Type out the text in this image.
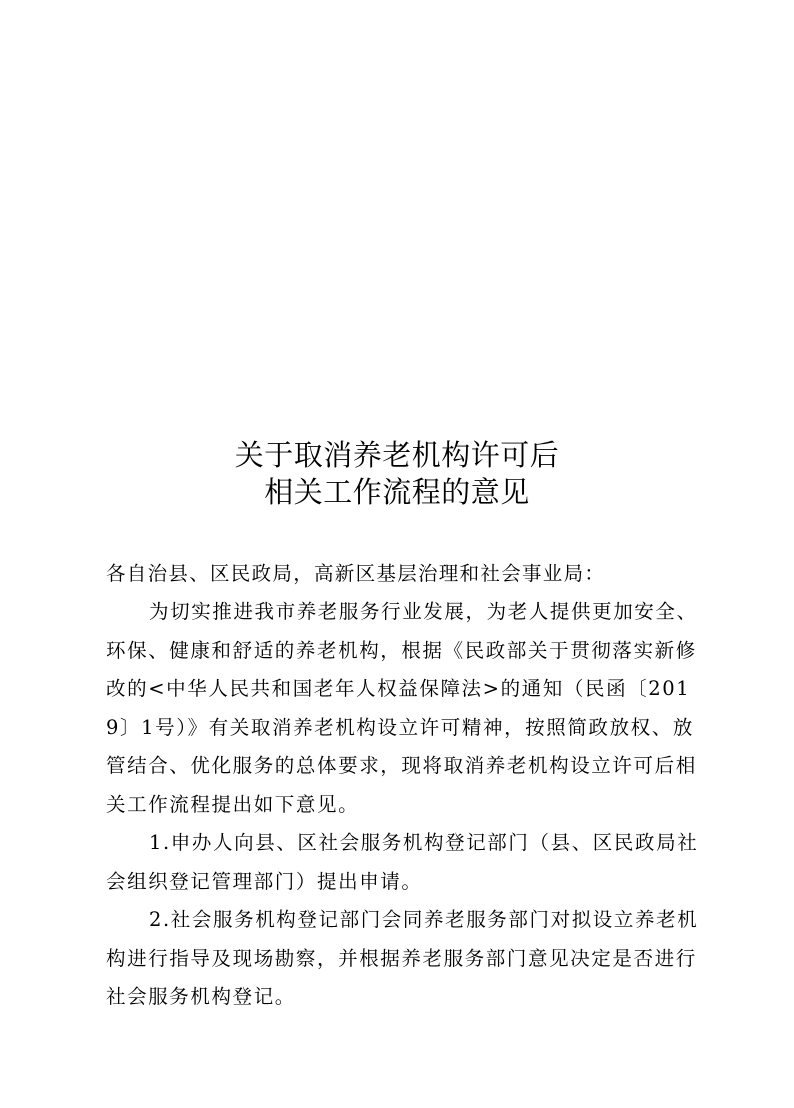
关于取消养老机构许可后
相关工作流程的意见
各自治县、区民政局，高新区基层治理和社会事业局：
为切实推进我市养老服务行业发展，为老人提供更加安全、环保、健康和舒适的养老机构，根据《民政部关于贯彻落实新修改的<中华人民共和国老年人权益保障法>的通知（民函〔2019〕1号）》有关取消养老机构设立许可精神，按照简政放权、放管结合、优化服务的总体要求，现将取消养老机构设立许可后相关工作流程提出如下意见。
1.申办人向县、区社会服务机构登记部门（县、区民政局社会组织登记管理部门）提出申请。
2.社会服务机构登记部门会同养老服务部门对拟设立养老机构进行指导及现场勘察，并根据养老服务部门意见决定是否进行社会服务机构登记。
